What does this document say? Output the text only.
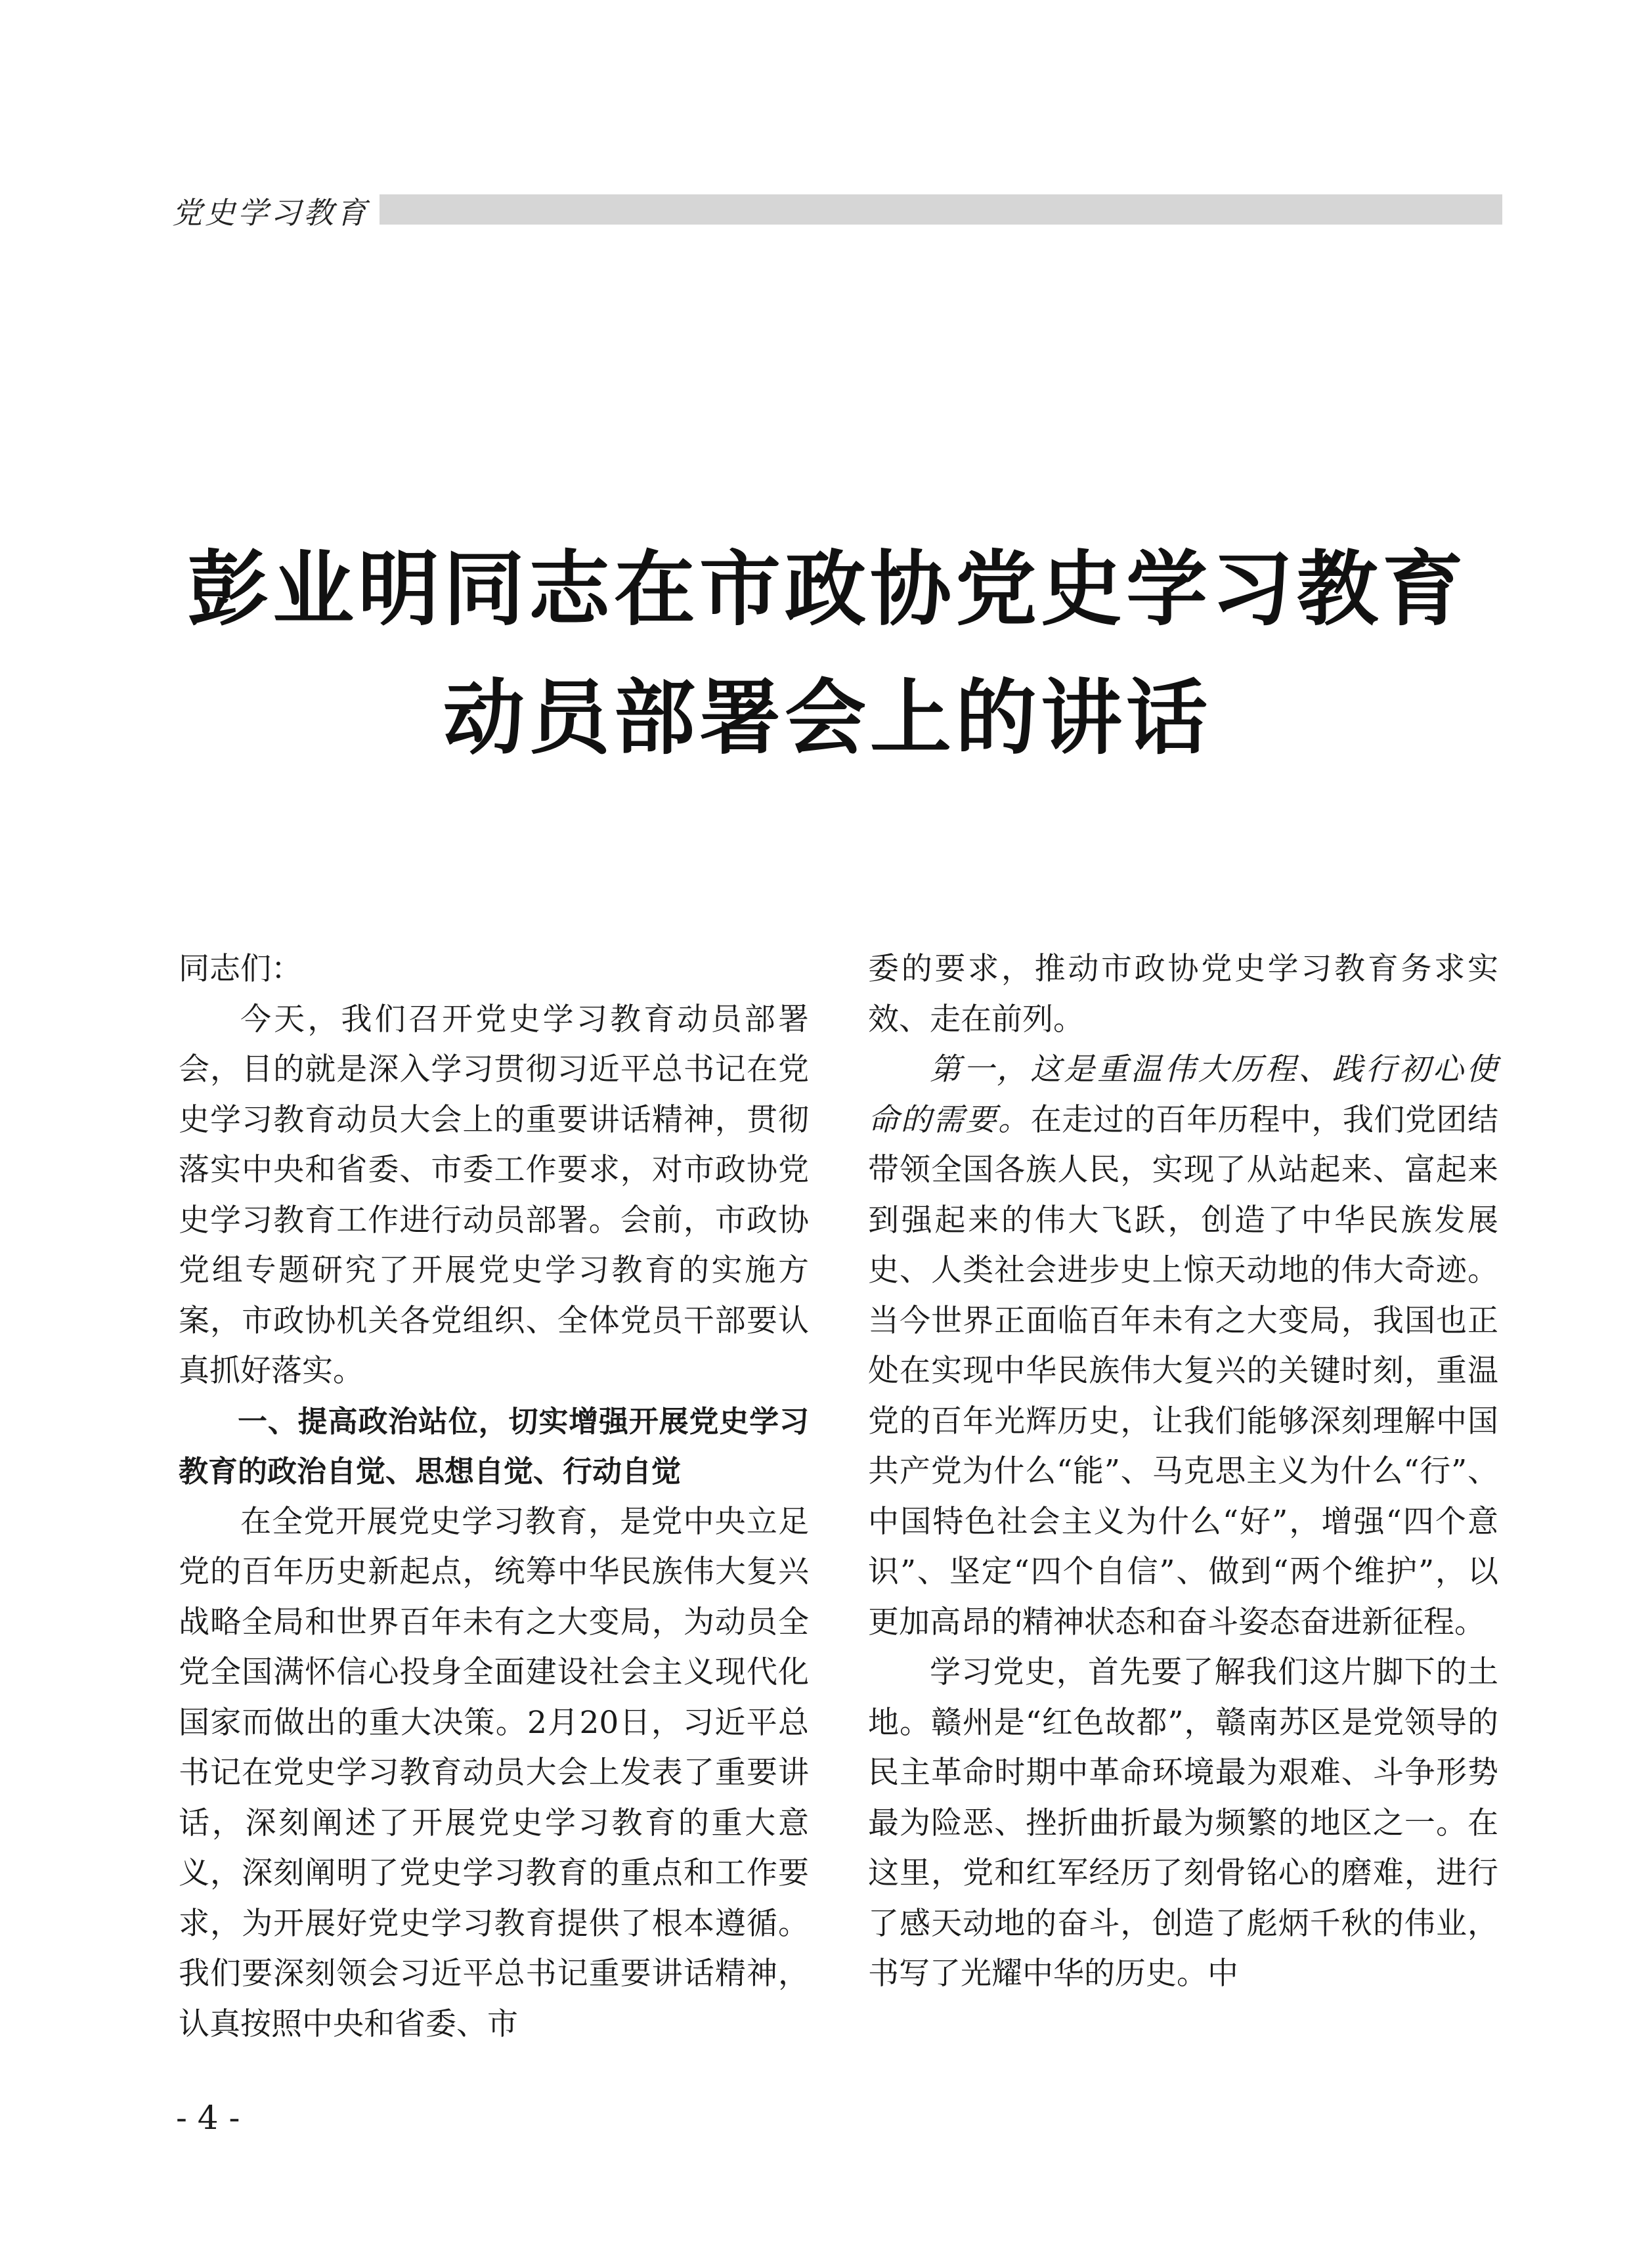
党史学习教育
彭业明同志在市政协党史学习教育
动员部署会上的讲话

同志们：

今天，我们召开党史学习教育动员部署会，目的就是深入学习贯彻习近平总书记在党史学习教育动员大会上的重要讲话精神，贯彻落实中央和省委、市委工作要求，对市政协党史学习教育工作进行动员部署。会前，市政协党组专题研究了开展党史学习教育的实施方案，市政协机关各党组织、全体党员干部要认真抓好落实。

一、提高政治站位，切实增强开展党史学习教育的政治自觉、思想自觉、行动自觉

在全党开展党史学习教育，是党中央立足党的百年历史新起点，统筹中华民族伟大复兴战略全局和世界百年未有之大变局，为动员全党全国满怀信心投身全面建设社会主义现代化国家而做出的重大决策。2月20日，习近平总书记在党史学习教育动员大会上发表了重要讲话，深刻阐述了开展党史学习教育的重大意义，深刻阐明了党史学习教育的重点和工作要求，为开展好党史学习教育提供了根本遵循。我们要深刻领会习近平总书记重要讲话精神，认真按照中央和省委、市

委的要求，推动市政协党史学习教育务求实效、走在前列。

第一，这是重温伟大历程、践行初心使命的需要。在走过的百年历程中，我们党团结带领全国各族人民，实现了从站起来、富起来到强起来的伟大飞跃，创造了中华民族发展史、人类社会进步史上惊天动地的伟大奇迹。当今世界正面临百年未有之大变局，我国也正处在实现中华民族伟大复兴的关键时刻，重温党的百年光辉历史，让我们能够深刻理解中国共产党为什么“能”、马克思主义为什么“行”、中国特色社会主义为什么“好”，增强“四个意识”、坚定“四个自信”、做到“两个维护”，以更加高昂的精神状态和奋斗姿态奋进新征程。

学习党史，首先要了解我们这片脚下的土地。赣州是“红色故都”，赣南苏区是党领导的民主革命时期中革命环境最为艰难、斗争形势最为险恶、挫折曲折最为频繁的地区之一。在这里，党和红军经历了刻骨铭心的磨难，进行了感天动地的奋斗，创造了彪炳千秋的伟业，书写了光耀中华的历史。中

- 4 -
